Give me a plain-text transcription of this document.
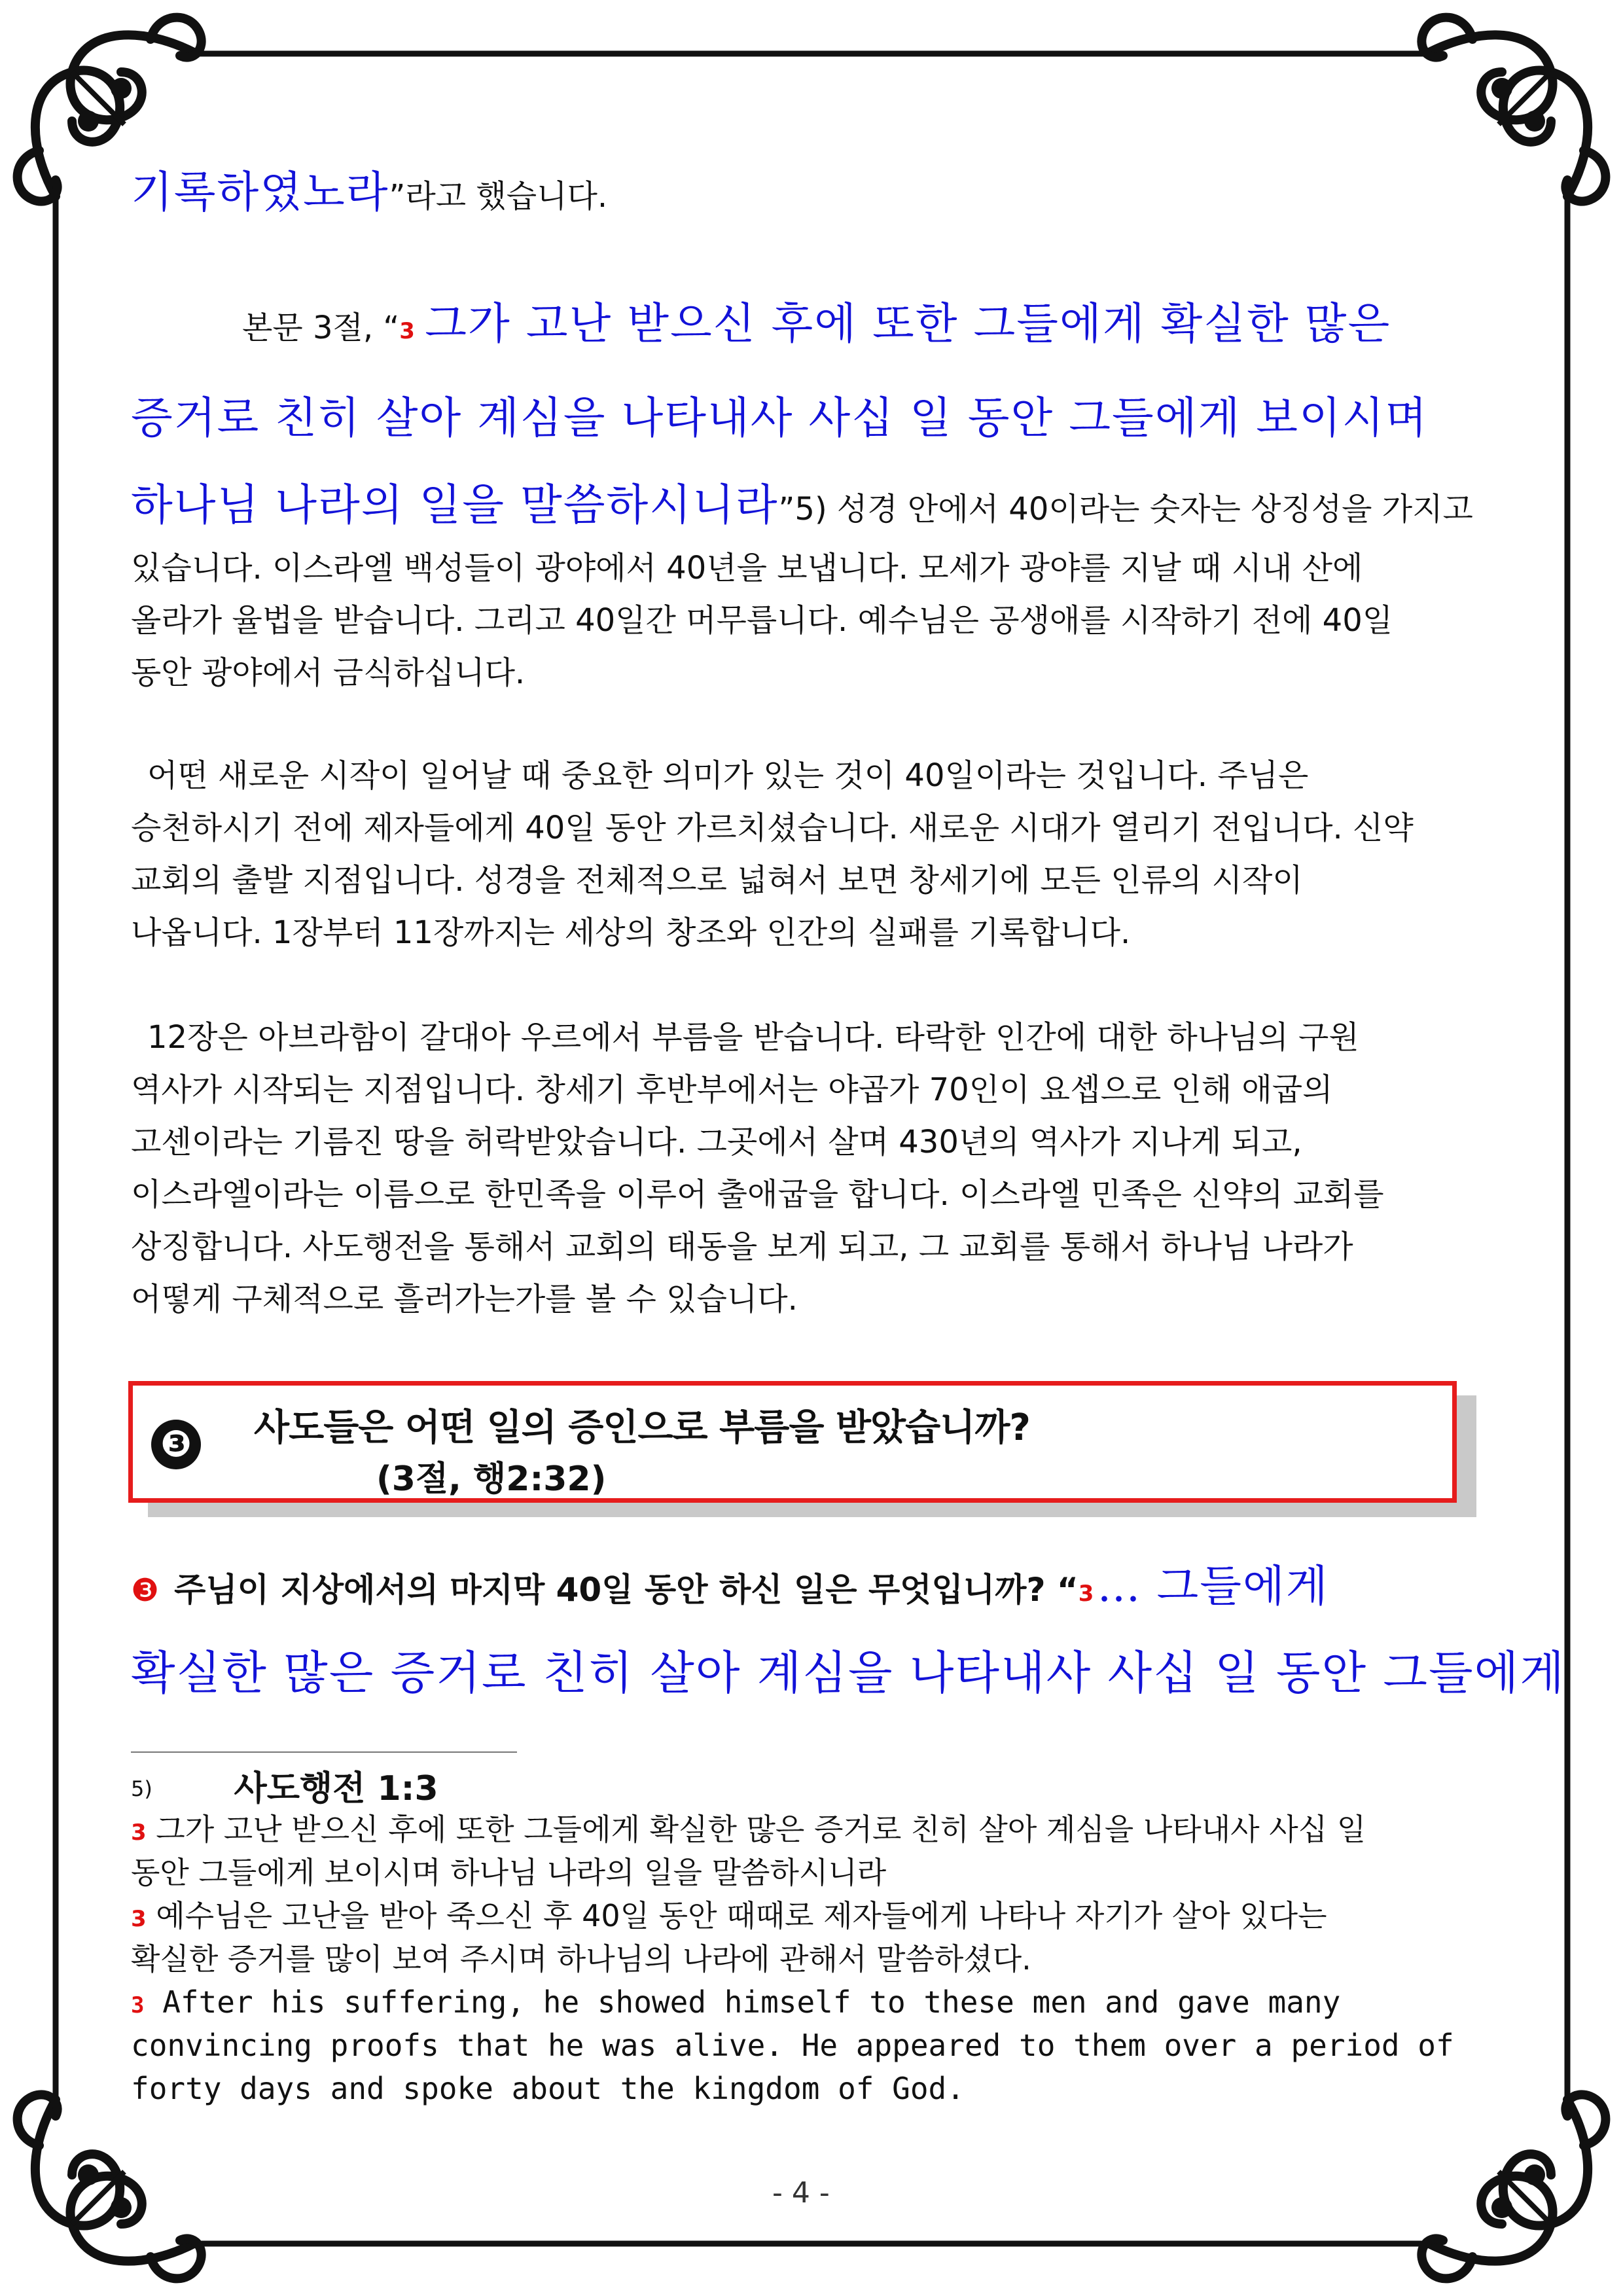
기록하였노라”라고 했습니다.
본문 3절, “3 그가 고난 받으신 후에 또한 그들에게 확실한 많은
증거로 친히 살아 계심을 나타내사 사십 일 동안 그들에게 보이시며
하나님 나라의 일을 말씀하시니라”5) 성경 안에서 40이라는 숫자는 상징성을 가지고
있습니다. 이스라엘 백성들이 광야에서 40년을 보냅니다. 모세가 광야를 지날 때 시내 산에
올라가 율법을 받습니다. 그리고 40일간 머무릅니다. 예수님은 공생애를 시작하기 전에 40일
동안 광야에서 금식하십니다.
어떤 새로운 시작이 일어날 때 중요한 의미가 있는 것이 40일이라는 것입니다. 주님은
승천하시기 전에 제자들에게 40일 동안 가르치셨습니다. 새로운 시대가 열리기 전입니다. 신약
교회의 출발 지점입니다. 성경을 전체적으로 넓혀서 보면 창세기에 모든 인류의 시작이
나옵니다. 1장부터 11장까지는 세상의 창조와 인간의 실패를 기록합니다.
12장은 아브라함이 갈대아 우르에서 부름을 받습니다. 타락한 인간에 대한 하나님의 구원
역사가 시작되는 지점입니다. 창세기 후반부에서는 야곱가 70인이 요셉으로 인해 애굽의
고센이라는 기름진 땅을 허락받았습니다. 그곳에서 살며 430년의 역사가 지나게 되고,
이스라엘이라는 이름으로 한민족을 이루어 출애굽을 합니다. 이스라엘 민족은 신약의 교회를
상징합니다. 사도행전을 통해서 교회의 태동을 보게 되고, 그 교회를 통해서 하나님 나라가
어떻게 구체적으로 흘러가는가를 볼 수 있습니다.
❸ 사도들은 어떤 일의 증인으로 부름을 받았습니까?
(3절, 행2:32)
❸ 주님이 지상에서의 마지막 40일 동안 하신 일은 무엇입니까? “3 … 그들에게
확실한 많은 증거로 친히 살아 계심을 나타내사 사십 일 동안 그들에게
$^{5)}$ 사도행전 1:3
3 그가 고난 받으신 후에 또한 그들에게 확실한 많은 증거로 친히 살아 계심을 나타내사 사십 일
동안 그들에게 보이시며 하나님 나라의 일을 말씀하시니라
3 예수님은 고난을 받아 죽으신 후 40일 동안 때때로 제자들에게 나타나 자기가 살아 있다는
확실한 증거를 많이 보여 주시며 하나님의 나라에 관해서 말씀하셨다.
3 After his suffering, he showed himself to these men and gave many
convincing proofs that he was alive. He appeared to them over a period of
forty days and spoke about the kingdom of God.
- 4 -
